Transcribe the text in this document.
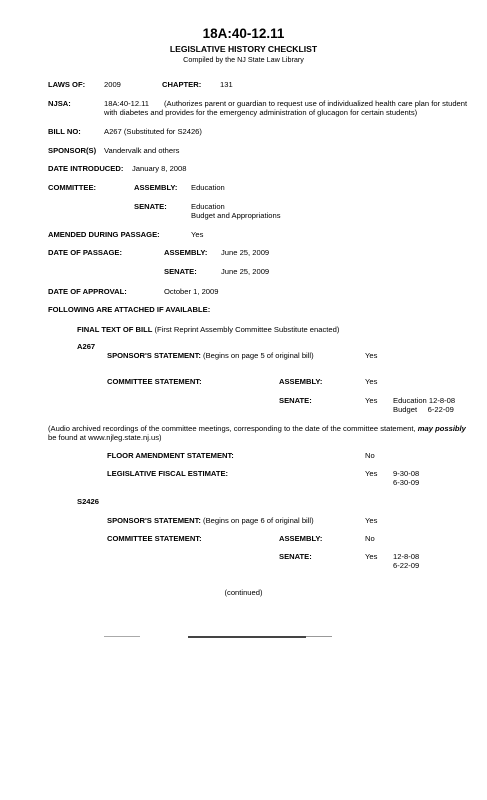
18A:40-12.11
LEGISLATIVE HISTORY CHECKLIST
Compiled by the NJ State Law Library
LAWS OF: 2009	CHAPTER: 131
NJSA:	18A:40-12.11	(Authorizes parent or guardian to request use of individualized health care plan for student with diabetes and provides for the emergency administration of glucagon for certain students)
BILL NO:	A267 (Substituted for S2426)
SPONSOR(S) Vandervalk and others
DATE INTRODUCED: January 8, 2008
COMMITTEE:	ASSEMBLY: Education
SENATE:	Education
Budget and Appropriations
AMENDED DURING PASSAGE:	Yes
DATE OF PASSAGE:	ASSEMBLY: June 25, 2009
SENATE:	June 25, 2009
DATE OF APPROVAL:	October 1, 2009
FOLLOWING ARE ATTACHED IF AVAILABLE:
FINAL TEXT OF BILL (First Reprint Assembly Committee Substitute enacted)
A267
SPONSOR'S STATEMENT: (Begins on page 5 of original bill)	Yes
COMMITTEE STATEMENT:	ASSEMBLY:	Yes
SENATE:	Yes Education 12-8-08
Budget     6-22-09
(Audio archived recordings of the committee meetings, corresponding to the date of the committee statement, may possibly
be found at www.njleg.state.nj.us)
FLOOR AMENDMENT STATEMENT:	No
LEGISLATIVE FISCAL ESTIMATE:	Yes 9-30-08
6-30-09
S2426
SPONSOR'S STATEMENT: (Begins on page 6 of original bill)	Yes
COMMITTEE STATEMENT:	ASSEMBLY:	No
SENATE:	Yes 12-8-08
6-22-09
(continued)
